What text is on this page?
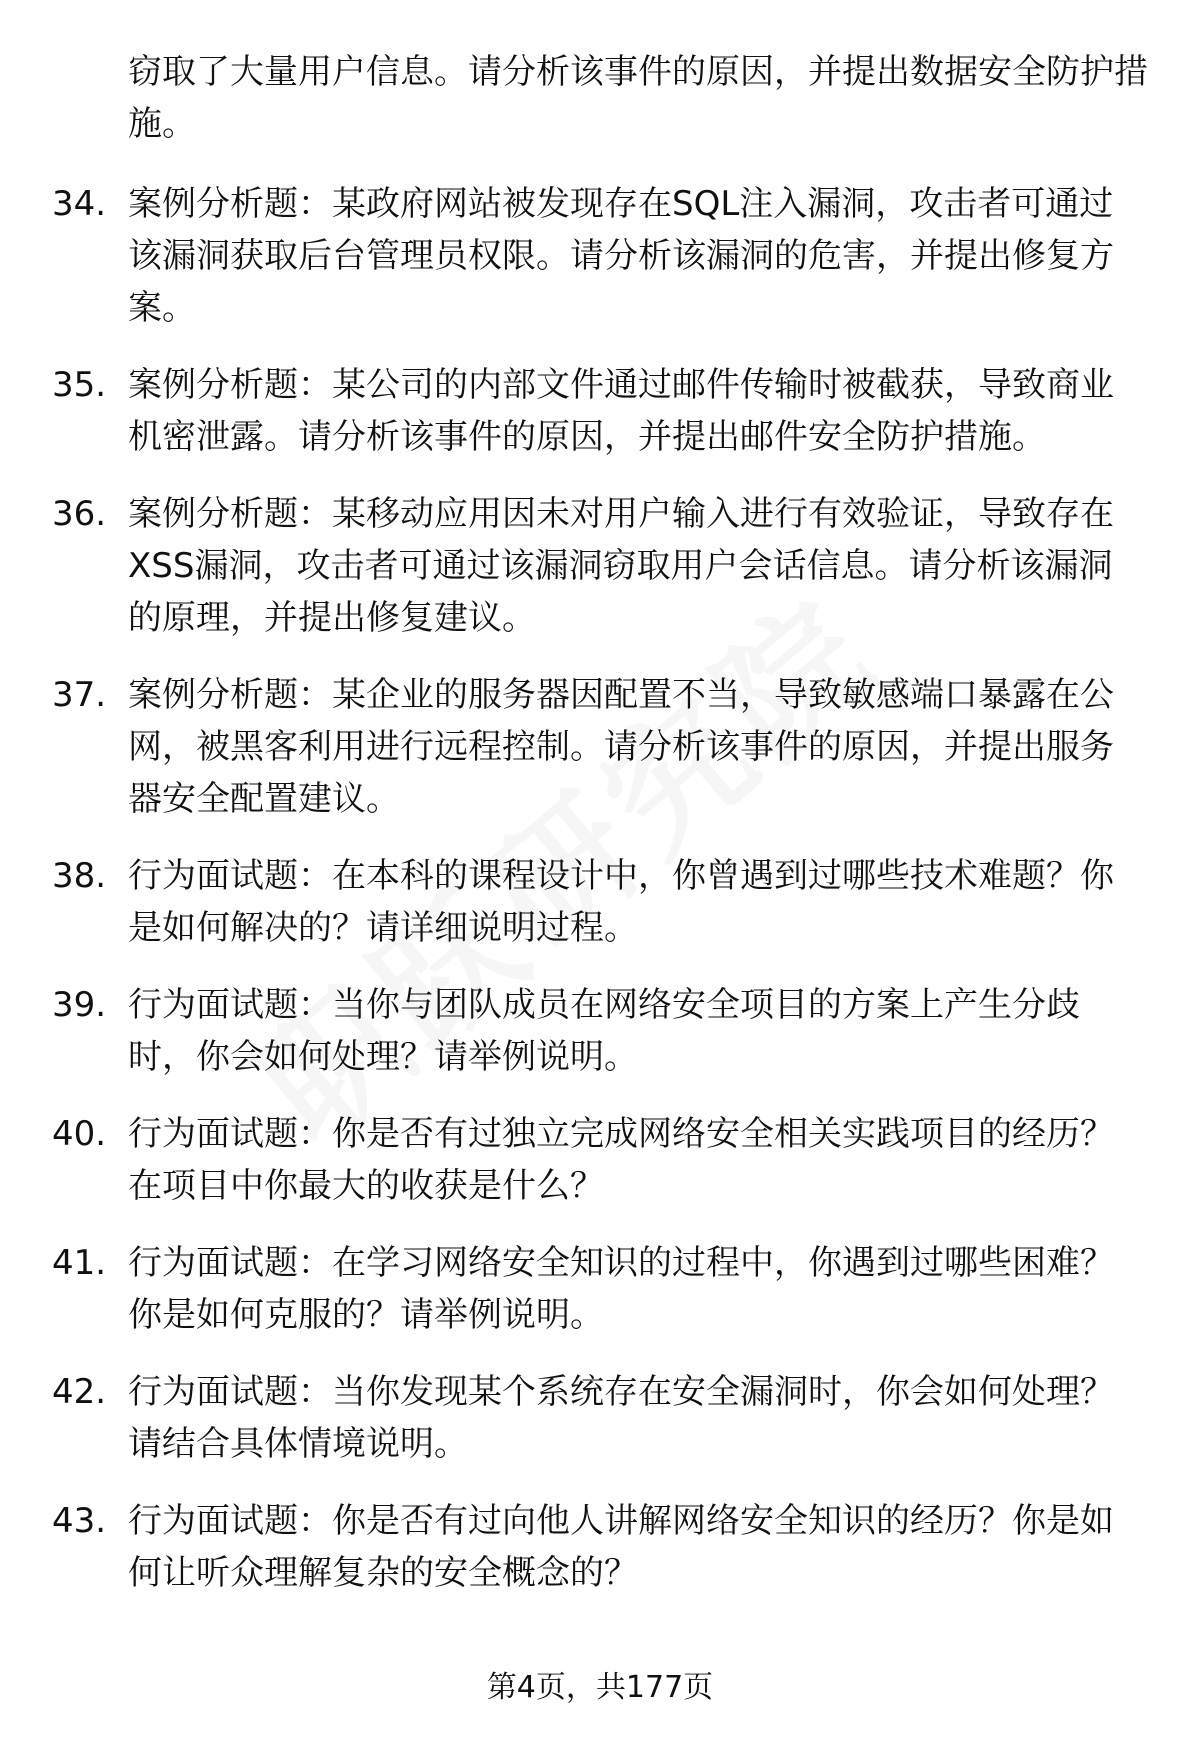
窃取了大量用户信息。请分析该事件的原因，并提出数据安全防护措施。
34. 案例分析题：某政府网站被发现存在SQL注入漏洞，攻击者可通过该漏洞获取后台管理员权限。请分析该漏洞的危害，并提出修复方案。
35. 案例分析题：某公司的内部文件通过邮件传输时被截获，导致商业机密泄露。请分析该事件的原因，并提出邮件安全防护措施。
36. 案例分析题：某移动应用因未对用户输入进行有效验证，导致存在XSS漏洞，攻击者可通过该漏洞窃取用户会话信息。请分析该漏洞的原理，并提出修复建议。
37. 案例分析题：某企业的服务器因配置不当，导致敏感端口暴露在公网，被黑客利用进行远程控制。请分析该事件的原因，并提出服务器安全配置建议。
38. 行为面试题：在本科的课程设计中，你曾遇到过哪些技术难题？你是如何解决的？请详细说明过程。
39. 行为面试题：当你与团队成员在网络安全项目的方案上产生分歧时，你会如何处理？请举例说明。
40. 行为面试题：你是否有过独立完成网络安全相关实践项目的经历？在项目中你最大的收获是什么？
41. 行为面试题：在学习网络安全知识的过程中，你遇到过哪些困难？你是如何克服的？请举例说明。
42. 行为面试题：当你发现某个系统存在安全漏洞时，你会如何处理？请结合具体情境说明。
43. 行为面试题：你是否有过向他人讲解网络安全知识的经历？你是如何让听众理解复杂的安全概念的？
第4页，共177页
